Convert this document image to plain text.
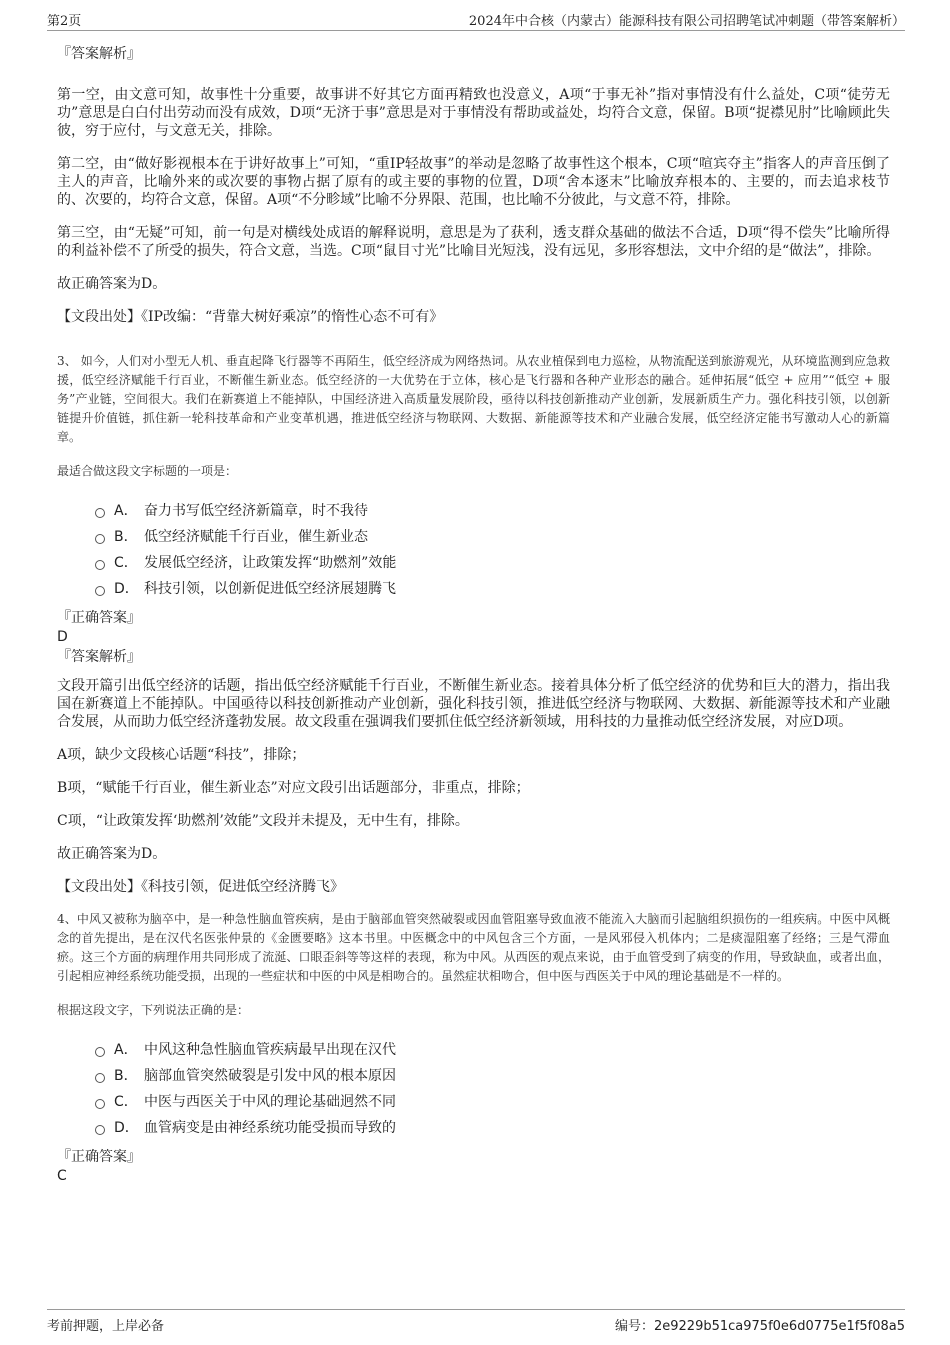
第2页	2024年中合核（内蒙古）能源科技有限公司招聘笔试冲刺题（带答案解析）

『答案解析』

第一空，由文意可知，故事性十分重要，故事讲不好其它方面再精致也没意义，A项“于事无补”指对事情没有什么益处，C项“徒劳无功”意思是白白付出劳动而没有成效，D项“无济于事”意思是对于事情没有帮助或益处，均符合文意，保留。B项“捉襟见肘”比喻顾此失彼，穷于应付，与文意无关，排除。

第二空，由“做好影视根本在于讲好故事上”可知，“重IP轻故事”的举动是忽略了故事性这个根本，C项“喧宾夺主”指客人的声音压倒了主人的声音，比喻外来的或次要的事物占据了原有的或主要的事物的位置，D项“舍本逐末”比喻放弃根本的、主要的，而去追求枝节的、次要的，均符合文意，保留。A项“不分畛域”比喻不分界限、范围，也比喻不分彼此，与文意不符，排除。

第三空，由“无疑”可知，前一句是对横线处成语的解释说明，意思是为了获利，透支群众基础的做法不合适，D项“得不偿失”比喻所得的利益补偿不了所受的损失，符合文意，当选。C项“鼠目寸光”比喻目光短浅，没有远见，多形容想法，文中介绍的是“做法”，排除。

故正确答案为D。

【文段出处】《IP改编：“背靠大树好乘凉”的惰性心态不可有》

3、 如今，人们对小型无人机、垂直起降飞行器等不再陌生，低空经济成为网络热词。从农业植保到电力巡检，从物流配送到旅游观光，从环境监测到应急救援，低空经济赋能千行百业，不断催生新业态。低空经济的一大优势在于立体，核心是飞行器和各种产业形态的融合。延伸拓展“低空 + 应用”“低空 + 服务”产业链，空间很大。我们在新赛道上不能掉队，中国经济进入高质量发展阶段，亟待以科技创新推动产业创新，发展新质生产力。强化科技引领，以创新链提升价值链，抓住新一轮科技革命和产业变革机遇，推进低空经济与物联网、大数据、新能源等技术和产业融合发展，低空经济定能书写激动人心的新篇章。

最适合做这段文字标题的一项是：

A． 奋力书写低空经济新篇章，时不我待
B． 低空经济赋能千行百业，催生新业态
C． 发展低空经济，让政策发挥“助燃剂”效能
D． 科技引领，以创新促进低空经济展翅腾飞

『正确答案』

D

『答案解析』

文段开篇引出低空经济的话题，指出低空经济赋能千行百业，不断催生新业态。接着具体分析了低空经济的优势和巨大的潜力，指出我国在新赛道上不能掉队。中国亟待以科技创新推动产业创新，强化科技引领，推进低空经济与物联网、大数据、新能源等技术和产业融合发展，从而助力低空经济蓬勃发展。故文段重在强调我们要抓住低空经济新领域，用科技的力量推动低空经济发展，对应D项。

A项，缺少文段核心话题“科技”，排除；

B项，“赋能千行百业，催生新业态”对应文段引出话题部分，非重点，排除；

C项，“让政策发挥‘助燃剂’效能”文段并未提及，无中生有，排除。

故正确答案为D。

【文段出处】《科技引领，促进低空经济腾飞》

4、中风又被称为脑卒中，是一种急性脑血管疾病，是由于脑部血管突然破裂或因血管阻塞导致血液不能流入大脑而引起脑组织损伤的一组疾病。中医中风概念的首先提出，是在汉代名医张仲景的《金匮要略》这本书里。中医概念中的中风包含三个方面，一是风邪侵入机体内；二是痰湿阻塞了经络；三是气滞血瘀。这三个方面的病理作用共同形成了流涎、口眼歪斜等等这样的表现，称为中风。从西医的观点来说，由于血管受到了病变的作用，导致缺血，或者出血，引起相应神经系统功能受损，出现的一些症状和中医的中风是相吻合的。虽然症状相吻合，但中医与西医关于中风的理论基础是不一样的。

根据这段文字，下列说法正确的是：

A． 中风这种急性脑血管疾病最早出现在汉代
B． 脑部血管突然破裂是引发中风的根本原因
C． 中医与西医关于中风的理论基础迥然不同
D． 血管病变是由神经系统功能受损而导致的

『正确答案』

C

考前押题，上岸必备	编号：2e9229b51ca975f0e6d0775e1f5f08a5
